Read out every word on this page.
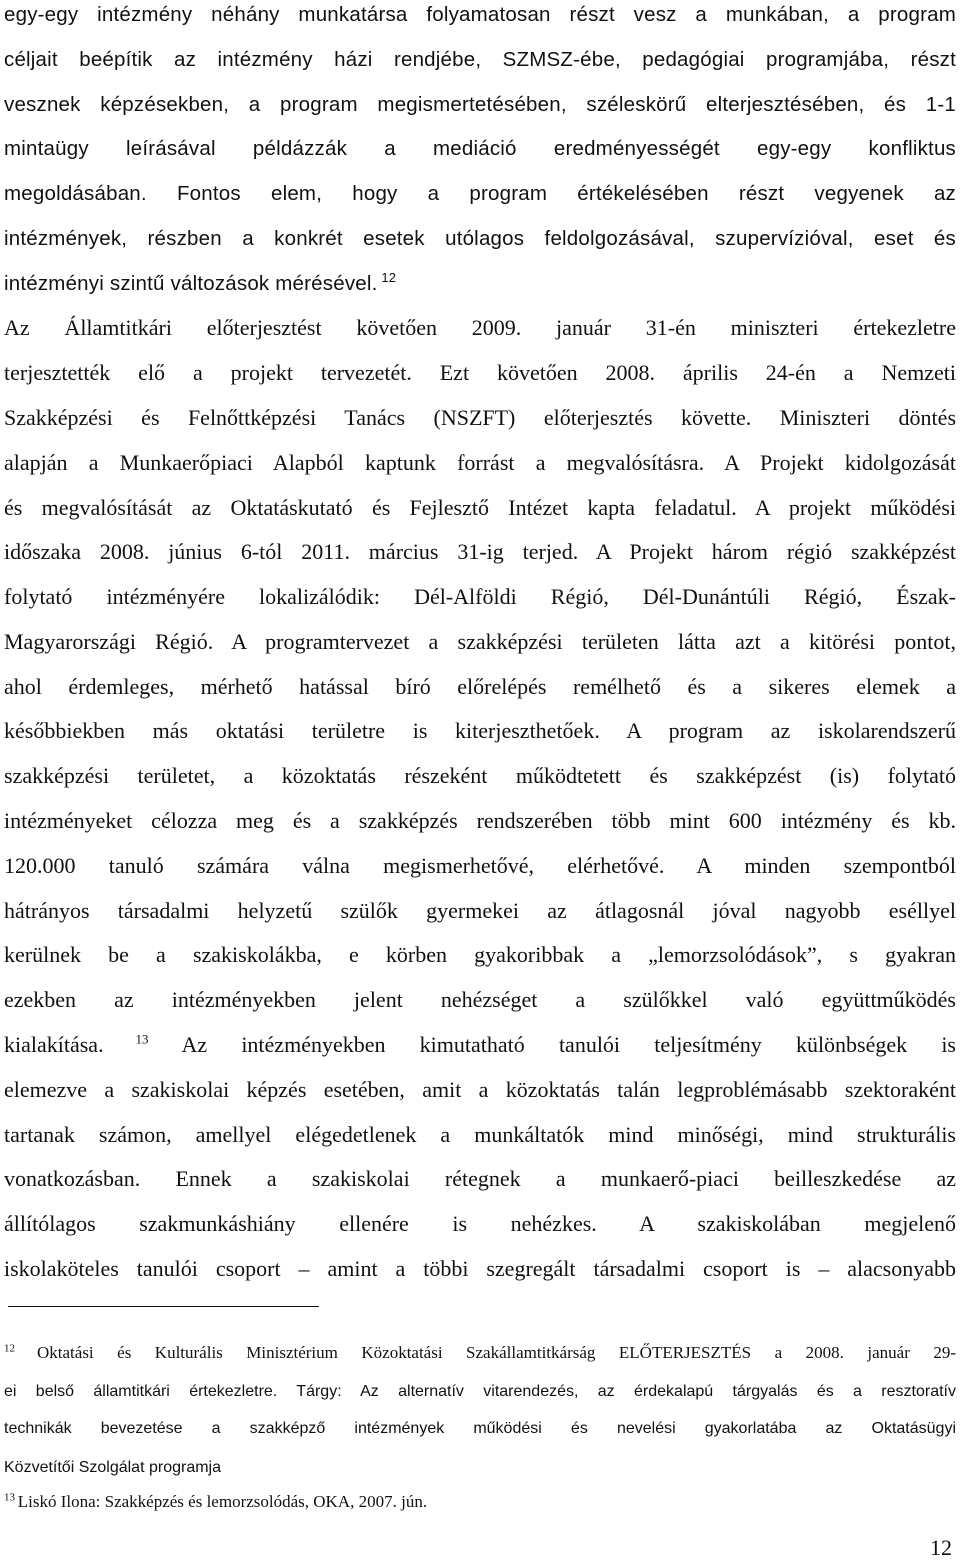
egy-egy intézmény néhány munkatársa folyamatosan részt vesz a munkában, a program
céljait beépítik az intézmény házi rendjébe, SZMSZ-ébe, pedagógiai programjába, részt
vesznek képzésekben, a program megismertetésében, széleskörű elterjesztésében, és 1-1
mintaügy leírásával példázzák a mediáció eredményességét egy-egy konfliktus
megoldásában. Fontos elem, hogy a program értékelésében részt vegyenek az
intézmények, részben a konkrét esetek utólagos feldolgozásával, szupervízióval, eset és
intézményi szintű változások mérésével. $^{12}$
Az Államtitkári előterjesztést követően 2009. január 31-én miniszteri értekezletre
terjesztették elő a projekt tervezetét. Ezt követően 2008. április 24-én a Nemzeti
Szakképzési és Felnőttképzési Tanács (NSZFT) előterjesztés követte. Miniszteri döntés
alapján a Munkaerőpiaci Alapból kaptunk forrást a megvalósításra. A Projekt kidolgozását
és megvalósítását az Oktatáskutató és Fejlesztő Intézet kapta feladatul. A projekt működési
időszaka 2008. június 6-tól 2011. március 31-ig terjed. A Projekt három régió szakképzést
folytató intézményére lokalizálódik: Dél-Alföldi Régió, Dél-Dunántúli Régió, Észak-
Magyarországi Régió. A programtervezet a szakképzési területen látta azt a kitörési pontot,
ahol érdemleges, mérhető hatással bíró előrelépés remélhető és a sikeres elemek a
későbbiekben más oktatási területre is kiterjeszthetőek. A program az iskolarendszerű
szakképzési területet, a közoktatás részeként működtetett és szakképzést (is) folytató
intézményeket célozza meg és a szakképzés rendszerében több mint 600 intézmény és kb.
120.000 tanuló számára válna megismerhetővé, elérhetővé. A minden szempontból
hátrányos társadalmi helyzetű szülők gyermekei az átlagosnál jóval nagyobb eséllyel
kerülnek be a szakiskolákba, e körben gyakoribbak a „lemorzsolódások”, s gyakran
ezekben az intézményekben jelent nehézséget a szülőkkel való együttműködés
kialakítása. $^{13}$ Az intézményekben kimutatható tanulói teljesítmény különbségek is
elemezve a szakiskolai képzés esetében, amit a közoktatás talán legproblémásabb szektoraként
tartanak számon, amellyel elégedetlenek a munkáltatók mind minőségi, mind strukturális
vonatkozásban. Ennek a szakiskolai rétegnek a munkaerő-piaci beilleszkedése az
állítólagos szakmunkáshiány ellenére is nehézkes. A szakiskolában megjelenő
iskolaköteles tanulói csoport – amint a többi szegregált társadalmi csoport is – alacsonyabb
$^{12}$ Oktatási és Kulturális Minisztérium Közoktatási Szakállamtitkárság ELŐTERJESZTÉS a 2008. január 29-
ei belső államtitkári értekezletre. Tárgy: Az alternatív vitarendezés, az érdekalapú tárgyalás és a resztoratív
technikák bevezetése a szakképző intézmények működési és nevelési gyakorlatába az Oktatásügyi
Közvetítői Szolgálat programja
$^{13}$ Liskó Ilona: Szakképzés és lemorzsolódás, OKA, 2007. jún.
12
